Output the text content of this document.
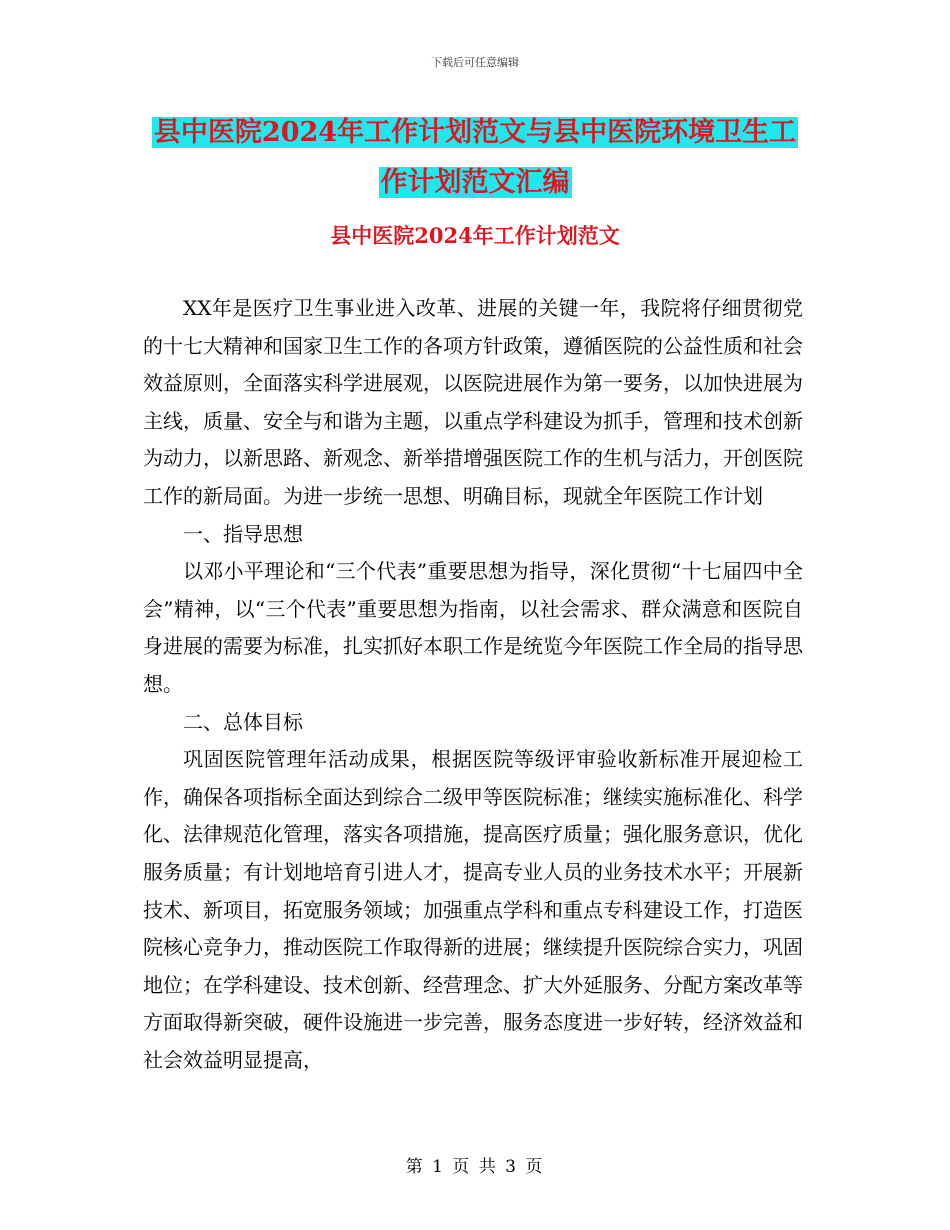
下载后可任意编辑
县中医院2024年工作计划范文与县中医院环境卫生工
作计划范文汇编
县中医院2024年工作计划范文

XX年是医疗卫生事业进入改革、进展的关键一年，我院将仔细贯彻党的十七大精神和国家卫生工作的各项方针政策，遵循医院的公益性质和社会效益原则，全面落实科学进展观，以医院进展作为第一要务，以加快进展为主线，质量、安全与和谐为主题，以重点学科建设为抓手，管理和技术创新为动力，以新思路、新观念、新举措增强医院工作的生机与活力，开创医院工作的新局面。为进一步统一思想、明确目标，现就全年医院工作计划

一、指导思想

以邓小平理论和“三个代表”重要思想为指导，深化贯彻“十七届四中全会”精神，以“三个代表”重要思想为指南，以社会需求、群众满意和医院自身进展的需要为标准，扎实抓好本职工作是统览今年医院工作全局的指导思想。

二、总体目标

巩固医院管理年活动成果，根据医院等级评审验收新标准开展迎检工作，确保各项指标全面达到综合二级甲等医院标准；继续实施标准化、科学化、法律规范化管理，落实各项措施，提高医疗质量；强化服务意识，优化服务质量；有计划地培育引进人才，提高专业人员的业务技术水平；开展新技术、新项目，拓宽服务领域；加强重点学科和重点专科建设工作，打造医院核心竞争力，推动医院工作取得新的进展；继续提升医院综合实力，巩固地位；在学科建设、技术创新、经营理念、扩大外延服务、分配方案改革等方面取得新突破，硬件设施进一步完善，服务态度进一步好转，经济效益和社会效益明显提高，

第 1 页 共 3 页
